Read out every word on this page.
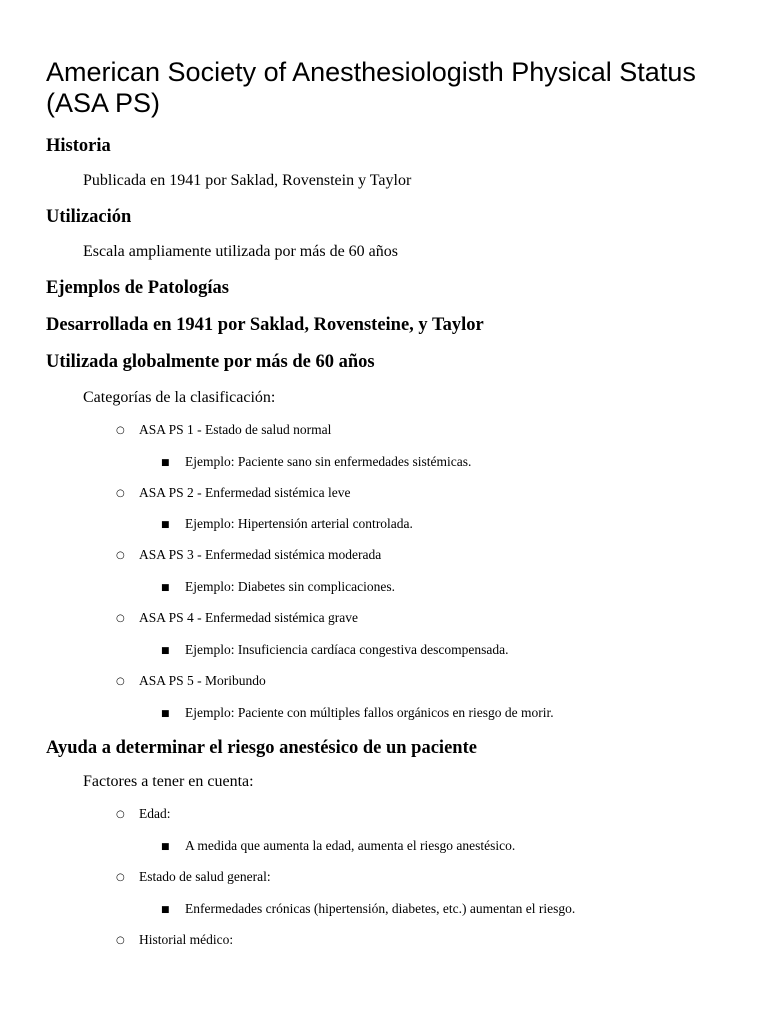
American Society of Anesthesiologisth Physical Status (ASA PS)
Historia

Publicada en 1941 por Saklad, Rovenstein y Taylor

Utilización

Escala ampliamente utilizada por más de 60 años

Ejemplos de Patologías
Desarrollada en 1941 por Saklad, Rovensteine, y Taylor
Utilizada globalmente por más de 60 años

Categorías de la clasificación:

○ ASA PS 1 - Estado de salud normal

■ Ejemplo: Paciente sano sin enfermedades sistémicas.

○ ASA PS 2 - Enfermedad sistémica leve

■ Ejemplo: Hipertensión arterial controlada.

○ ASA PS 3 - Enfermedad sistémica moderada

■ Ejemplo: Diabetes sin complicaciones.

○ ASA PS 4 - Enfermedad sistémica grave

■ Ejemplo: Insuficiencia cardíaca congestiva descompensada.

○ ASA PS 5 - Moribundo

■ Ejemplo: Paciente con múltiples fallos orgánicos en riesgo de morir.

Ayuda a determinar el riesgo anestésico de un paciente

Factores a tener en cuenta:

○ Edad:

■ A medida que aumenta la edad, aumenta el riesgo anestésico.

○ Estado de salud general:

■ Enfermedades crónicas (hipertensión, diabetes, etc.) aumentan el riesgo.

○ Historial médico:
